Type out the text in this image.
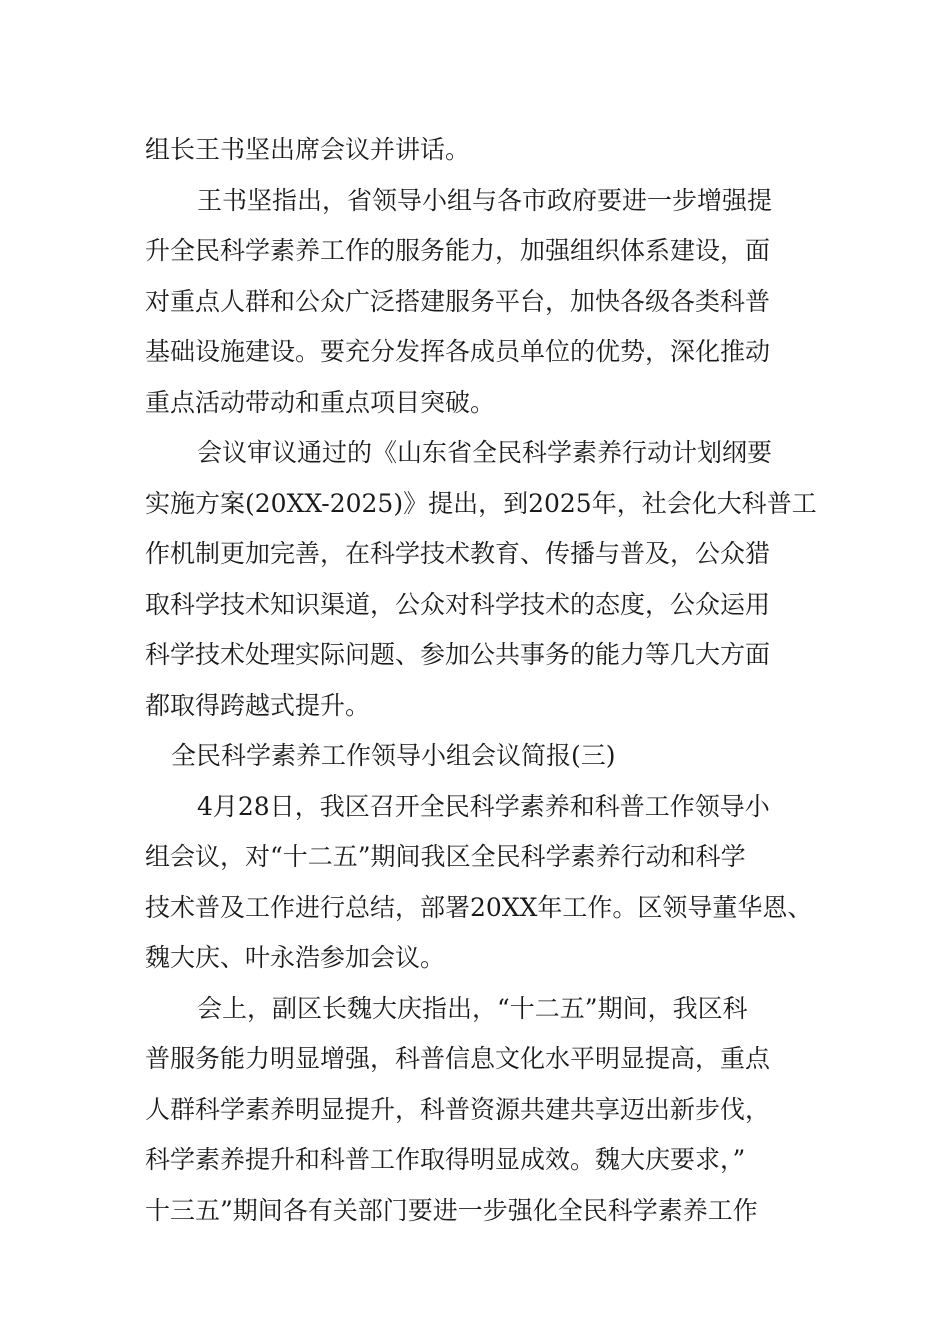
组长王书坚出席会议并讲话。
王书坚指出，省领导小组与各市政府要进一步增强提
升全民科学素养工作的服务能力，加强组织体系建设，面
对重点人群和公众广泛搭建服务平台，加快各级各类科普
基础设施建设。要充分发挥各成员单位的优势，深化推动
重点活动带动和重点项目突破。
会议审议通过的《山东省全民科学素养行动计划纲要
实施方案(20XX-2025)》提出，到2025年，社会化大科普工
作机制更加完善，在科学技术教育、传播与普及，公众猎
取科学技术知识渠道，公众对科学技术的态度，公众运用
科学技术处理实际问题、参加公共事务的能力等几大方面
都取得跨越式提升。
全民科学素养工作领导小组会议简报(三)
4月28日，我区召开全民科学素养和科普工作领导小
组会议，对“十二五”期间我区全民科学素养行动和科学
技术普及工作进行总结，部署20XX年工作。区领导董华恩、
魏大庆、叶永浩参加会议。
会上，副区长魏大庆指出，“十二五”期间，我区科
普服务能力明显增强，科普信息文化水平明显提高，重点
人群科学素养明显提升，科普资源共建共享迈出新步伐，
科学素养提升和科普工作取得明显成效。魏大庆要求，”
十三五”期间各有关部门要进一步强化全民科学素养工作
